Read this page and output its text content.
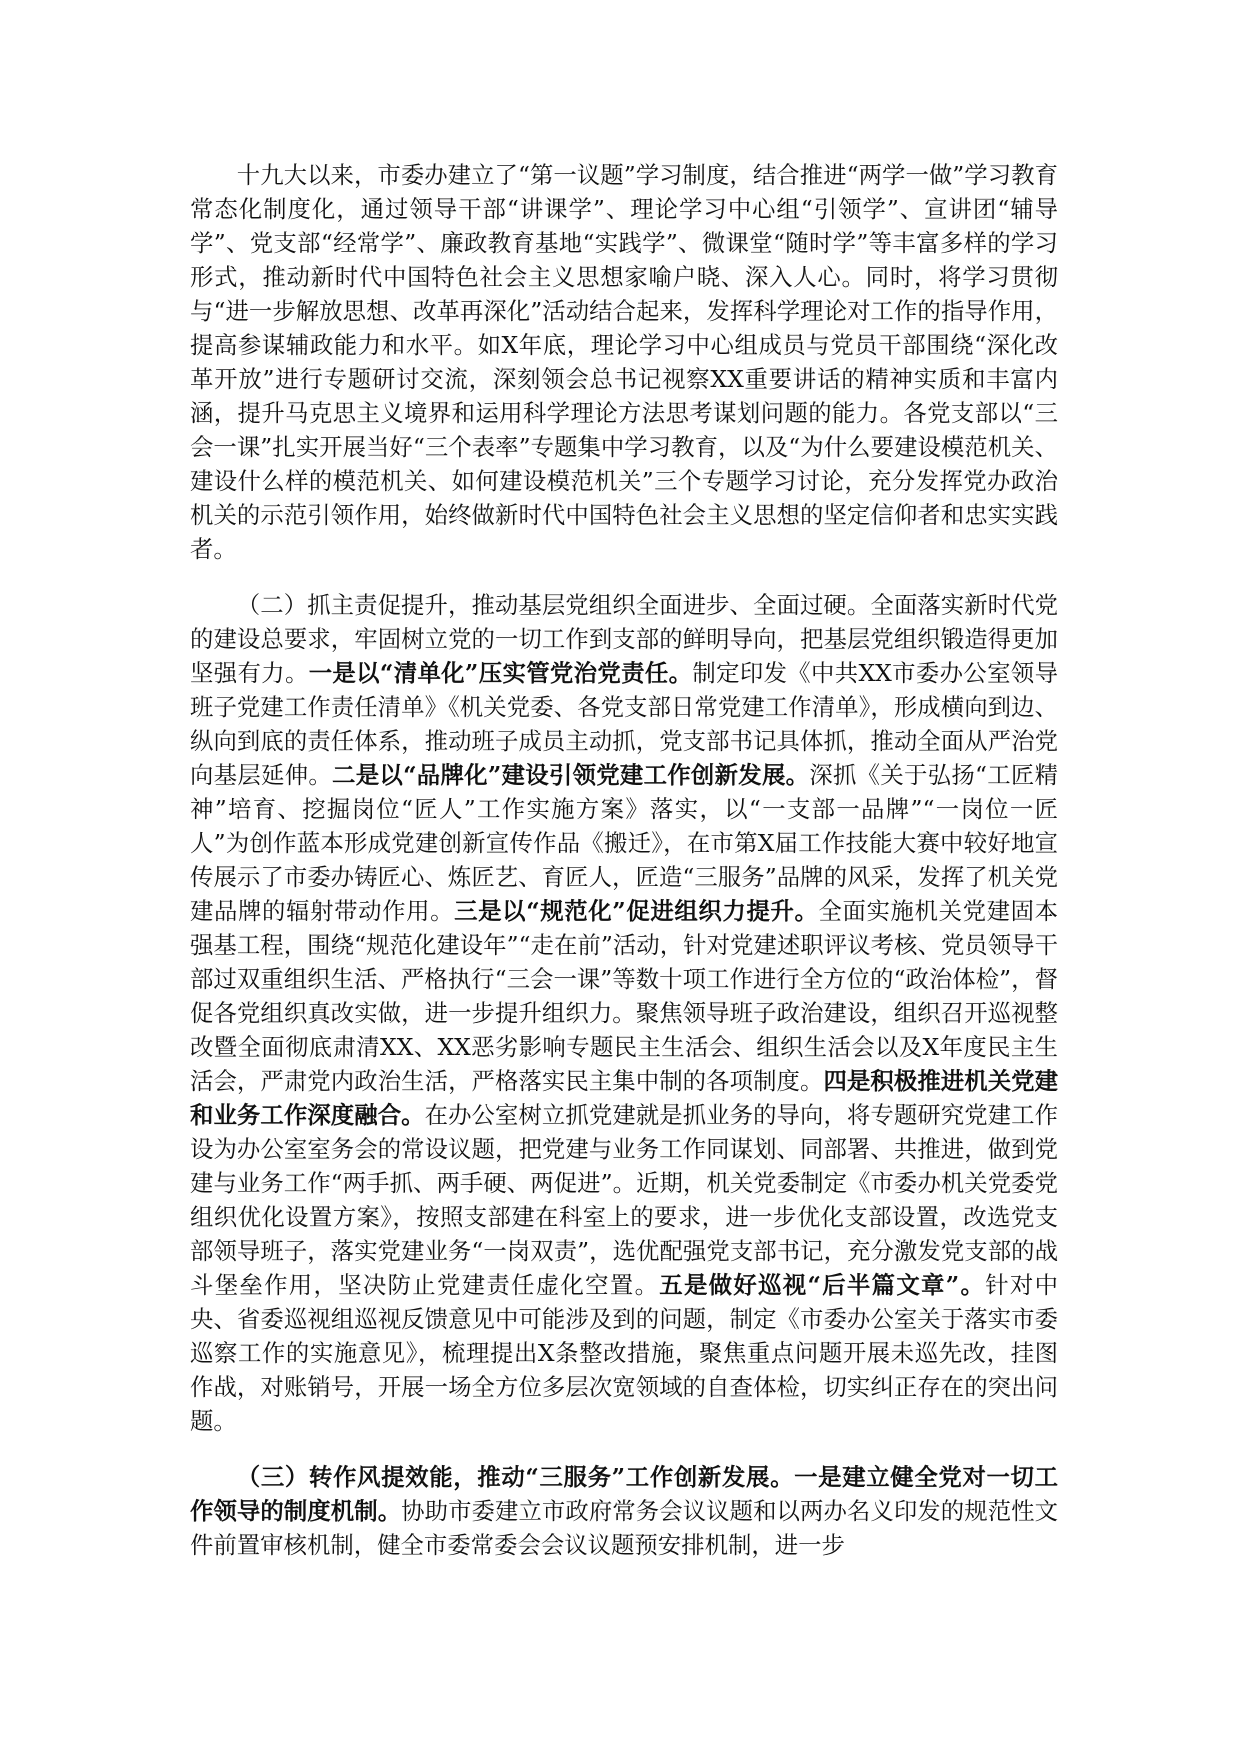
十九大以来，市委办建立了“第一议题”学习制度，结合推进“两学一做”学习教育常态化制度化，通过领导干部“讲课学”、理论学习中心组“引领学”、宣讲团“辅导学”、党支部“经常学”、廉政教育基地“实践学”、微课堂“随时学”等丰富多样的学习形式，推动新时代中国特色社会主义思想家喻户晓、深入人心。同时，将学习贯彻与“进一步解放思想、改革再深化”活动结合起来，发挥科学理论对工作的指导作用，提高参谋辅政能力和水平。如X年底，理论学习中心组成员与党员干部围绕“深化改革开放”进行专题研讨交流，深刻领会总书记视察XX重要讲话的精神实质和丰富内涵，提升马克思主义境界和运用科学理论方法思考谋划问题的能力。各党支部以“三会一课”扎实开展当好“三个表率”专题集中学习教育，以及“为什么要建设模范机关、建设什么样的模范机关、如何建设模范机关”三个专题学习讨论，充分发挥党办政治机关的示范引领作用，始终做新时代中国特色社会主义思想的坚定信仰者和忠实实践者。

（二）抓主责促提升，推动基层党组织全面进步、全面过硬。全面落实新时代党的建设总要求，牢固树立党的一切工作到支部的鲜明导向，把基层党组织锻造得更加坚强有力。一是以“清单化”压实管党治党责任。制定印发《中共XX市委办公室领导班子党建工作责任清单》《机关党委、各党支部日常党建工作清单》，形成横向到边、纵向到底的责任体系，推动班子成员主动抓，党支部书记具体抓，推动全面从严治党向基层延伸。二是以“品牌化”建设引领党建工作创新发展。深抓《关于弘扬“工匠精神”培育、挖掘岗位“匠人”工作实施方案》落实，以“一支部一品牌”“一岗位一匠人”为创作蓝本形成党建创新宣传作品《搬迁》，在市第X届工作技能大赛中较好地宣传展示了市委办铸匠心、炼匠艺、育匠人，匠造“三服务”品牌的风采，发挥了机关党建品牌的辐射带动作用。三是以“规范化”促进组织力提升。全面实施机关党建固本强基工程，围绕“规范化建设年”“走在前”活动，针对党建述职评议考核、党员领导干部过双重组织生活、严格执行“三会一课”等数十项工作进行全方位的“政治体检”，督促各党组织真改实做，进一步提升组织力。聚焦领导班子政治建设，组织召开巡视整改暨全面彻底肃清XX、XX恶劣影响专题民主生活会、组织生活会以及X年度民主生活会，严肃党内政治生活，严格落实民主集中制的各项制度。四是积极推进机关党建和业务工作深度融合。在办公室树立抓党建就是抓业务的导向，将专题研究党建工作设为办公室室务会的常设议题，把党建与业务工作同谋划、同部署、共推进，做到党建与业务工作“两手抓、两手硬、两促进”。近期，机关党委制定《市委办机关党委党组织优化设置方案》，按照支部建在科室上的要求，进一步优化支部设置，改选党支部领导班子，落实党建业务“一岗双责”，选优配强党支部书记，充分激发党支部的战斗堡垒作用，坚决防止党建责任虚化空置。五是做好巡视“后半篇文章”。针对中央、省委巡视组巡视反馈意见中可能涉及到的问题，制定《市委办公室关于落实市委巡察工作的实施意见》，梳理提出X条整改措施，聚焦重点问题开展未巡先改，挂图作战，对账销号，开展一场全方位多层次宽领域的自查体检，切实纠正存在的突出问题。

（三）转作风提效能，推动“三服务”工作创新发展。一是建立健全党对一切工作领导的制度机制。协助市委建立市政府常务会议议题和以两办名义印发的规范性文件前置审核机制，健全市委常委会会议议题预安排机制，进一步
